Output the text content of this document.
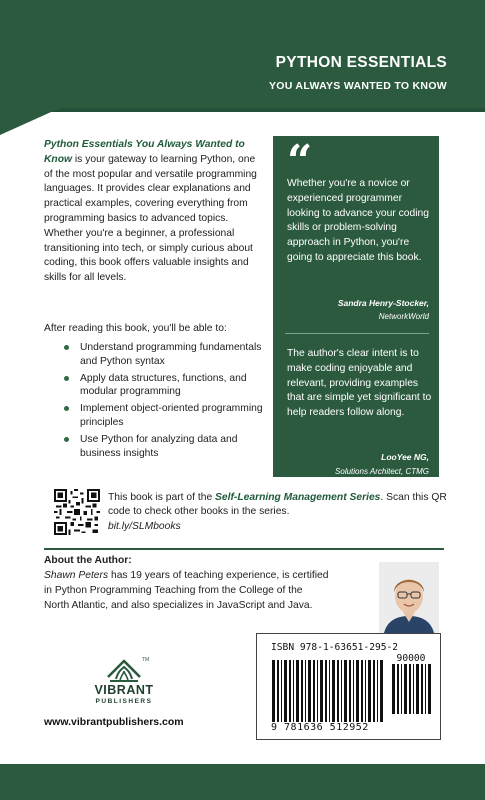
PYTHON ESSENTIALS
YOU ALWAYS WANTED TO KNOW
Python Essentials You Always Wanted to Know is your gateway to learning Python, one of the most popular and versatile programming languages. It provides clear explanations and practical examples, covering everything from programming basics to advanced topics. Whether you're a beginner, a professional transitioning into tech, or simply curious about coding, this book offers valuable insights and skills for all levels.
After reading this book, you'll be able to:
Understand programming fundamentals and Python syntax
Apply data structures, functions, and modular programming
Implement object-oriented programming principles
Use Python for analyzing data and business insights
“
Whether you're a novice or experienced programmer looking to advance your coding skills or problem-solving approach in Python, you're going to appreciate this book.
Sandra Henry-Stocker,
NetworkWorld
The author's clear intent is to make coding enjoyable and relevant, providing examples that are simple yet significant to help readers follow along.
LooYee NG,
Solutions Architect, CTMG
This book is part of the Self-Learning Management Series. Scan this QR code to check other books in the series.
bit.ly/SLMbooks
About the Author:
Shawn Peters has 19 years of teaching experience, is certified in Python Programming Teaching from the College of the North Atlantic, and also specializes in JavaScript and Java.
TM
VIBRANT
PUBLISHERS
www.vibrantpublishers.com
ISBN 978-1-63651-295-2
90000
9 781636 512952
